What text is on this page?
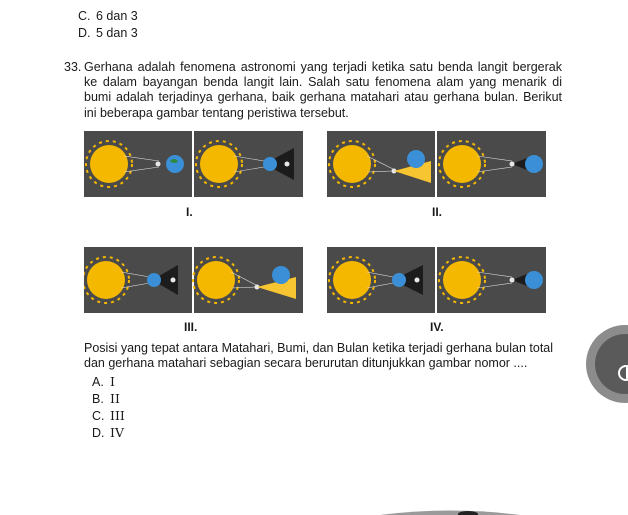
C. 6 dan 3
D. 5 dan 3
33. Gerhana adalah fenomena astronomi yang terjadi ketika satu benda langit bergerak ke dalam bayangan benda langit lain. Salah satu fenomena alam yang menarik di bumi adalah terjadinya gerhana, baik gerhana matahari atau gerhana bulan. Berikut ini beberapa gambar tentang peristiwa tersebut.
I.	II.
III.	IV.
Posisi yang tepat antara Matahari, Bumi, dan Bulan ketika terjadi gerhana bulan total dan gerhana matahari sebagian secara berurutan ditunjukkan gambar nomor ....
A. I
B. II
C. III
D. IV
